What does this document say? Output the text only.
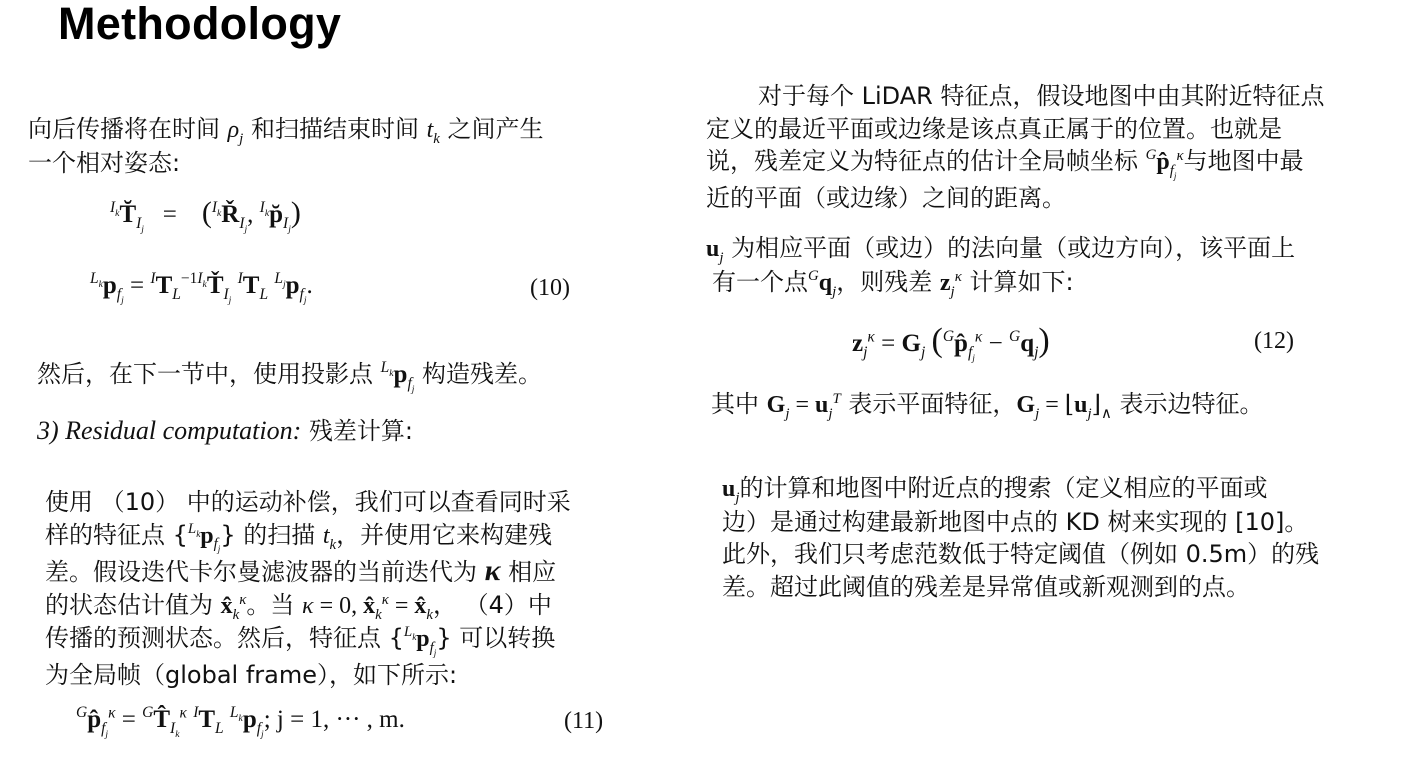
Methodology
向后传播将在时间 $\rho_j$ 和扫描结束时间 $t_k$ 之间产生
一个相对姿态:
$^{I_k}T̆_{I_j}$   =    ($^{I_k}Ř_{I_j}$, $^{I_k}p̆_{I_j}$)
$^{L_k}p_{f_j}$ = $^IT_L^{-1I_k}Ť_{I_j}$ $^IT_L$ $^{L_j}p_{f_j}$.	(10)
然后，在下一节中，使用投影点 $^{L_k}p_{f_j}$ 构造残差。
3) Residual computation: 残差计算:
使用 （10） 中的运动补偿，我们可以查看同时采
样的特征点 $\{^{L_k}p_{f_j}\}$ 的扫描 $t_k$，并使用它来构建残
差。假设迭代卡尔曼滤波器的当前迭代为 κ 相应
的状态估计值为 $x̂_k^\kappa$。当 κ = 0, $x̂_k^\kappa$ = $x̂_k$， （4）中
传播的预测状态。然后，特征点 $\{^{L_k}p_{f_j}\}$ 可以转换
为全局帧（global frame），如下所示:
$^Gp̂_{f_j}^\kappa$ = $^GT̂_{I_k}^\kappa$ $^IT_L$ $^{L_k}p_{f_j}$; j = 1, ··· , m.	(11)
对于每个 LiDAR 特征点，假设地图中由其附近特征点
定义的最近平面或边缘是该点真正属于的位置。也就是
说，残差定义为特征点的估计全局帧坐标 $^Gp̂_{f_j}^\kappa$与地图中最
近的平面（或边缘）之间的距离。
$u_j$ 为相应平面（或边）的法向量（或边方向），该平面上
有一个点$^Gq_j$，则残差 $z_j^\kappa$ 计算如下:
$z_j^\kappa = G_j$ $(^Gp̂_{f_j}^\kappa - ^Gq_j)$	(12)
其中 $G_j = u_j^T$ 表示平面特征，$G_j$ = $⌊u_j⌋_\wedge$ 表示边特征。
$u_j$的计算和地图中附近点的搜索（定义相应的平面或
边）是通过构建最新地图中点的 KD 树来实现的 [10]。
此外，我们只考虑范数低于特定阈值（例如 0.5m）的残
差。超过此阈值的残差是异常值或新观测到的点。
